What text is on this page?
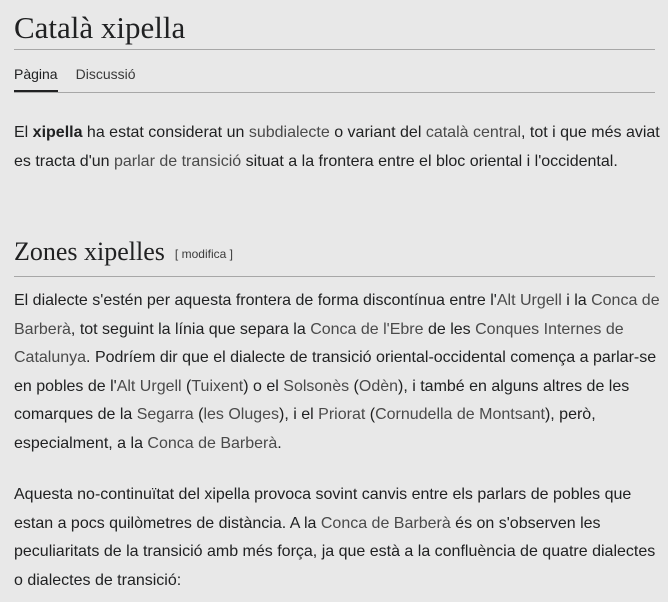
Català xipella
Pàgina Discussió

El xipella ha estat considerat un subdialecte o variant del català central, tot i que més aviat es tracta d'un parlar de transició situat a la frontera entre el bloc oriental i l'occidental.

Zones xipelles [ modifica ]

El dialecte s'estén per aquesta frontera de forma discontínua entre l'Alt Urgell i la Conca de Barberà, tot seguint la línia que separa la Conca de l'Ebre de les Conques Internes de Catalunya. Podríem dir que el dialecte de transició oriental-occidental comença a parlar-se en pobles de l'Alt Urgell (Tuixent) o el Solsonès (Odèn), i també en alguns altres de les comarques de la Segarra (les Oluges), i el Priorat (Cornudella de Montsant), però, especialment, a la Conca de Barberà.

Aquesta no-continuïtat del xipella provoca sovint canvis entre els parlars de pobles que estan a pocs quilòmetres de distància. A la Conca de Barberà és on s'observen les peculiaritats de la transició amb més força, ja que està a la confluència de quatre dialectes o dialectes de transició:
